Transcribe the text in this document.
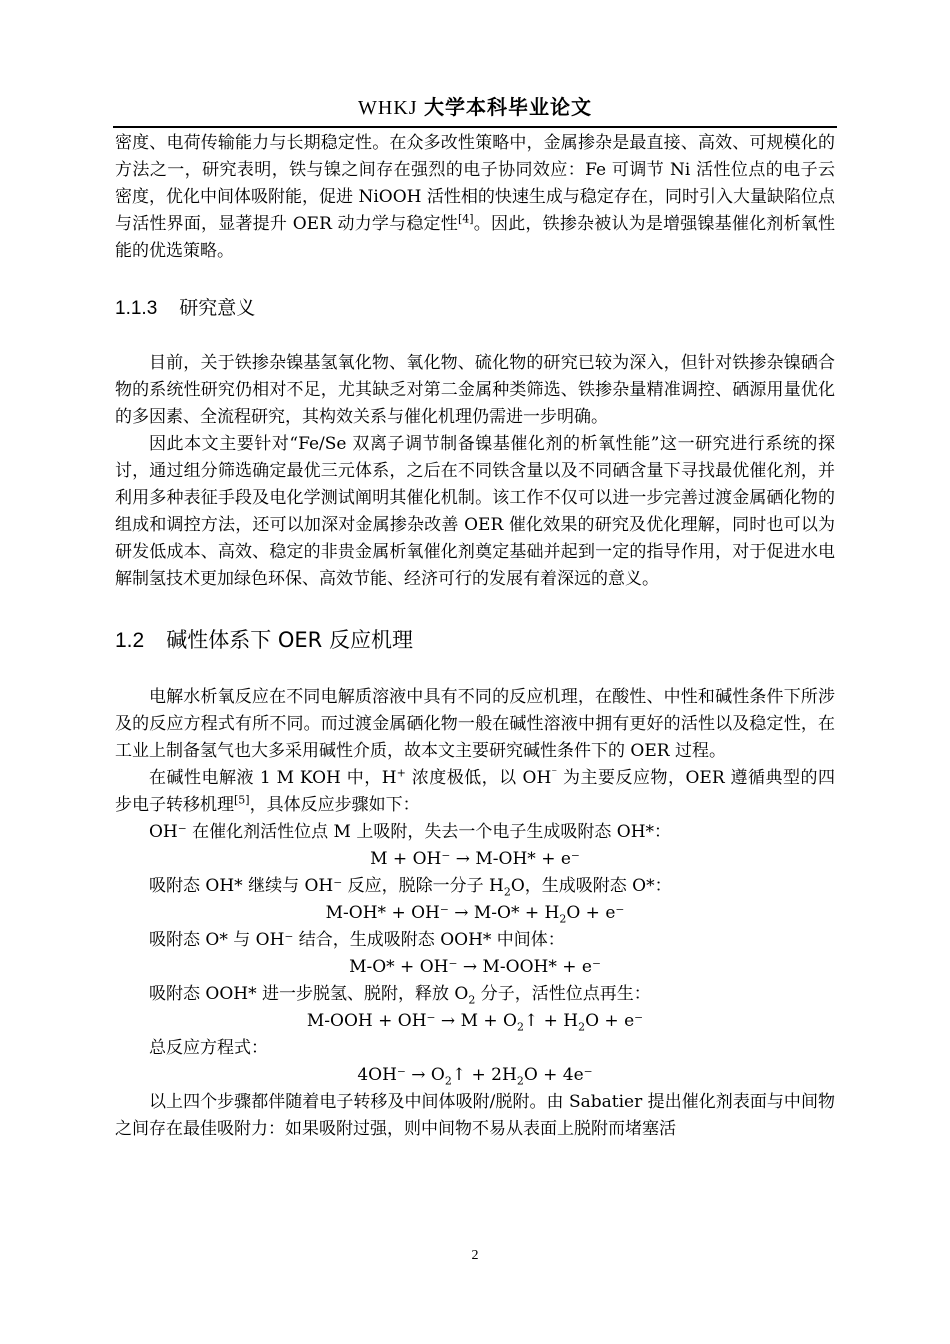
WHKJ 大学本科毕业论文

密度、电荷传输能力与长期稳定性。在众多改性策略中，金属掺杂是最直接、高效、可规模化的方法之一，研究表明，铁与镍之间存在强烈的电子协同效应：Fe 可调节 Ni 活性位点的电子云密度，优化中间体吸附能，促进 NiOOH 活性相的快速生成与稳定存在，同时引入大量缺陷位点与活性界面，显著提升 OER 动力学与稳定性[4]。因此，铁掺杂被认为是增强镍基催化剂析氧性能的优选策略。

1.1.3 研究意义

目前，关于铁掺杂镍基氢氧化物、氧化物、硫化物的研究已较为深入，但针对铁掺杂镍硒合物的系统性研究仍相对不足，尤其缺乏对第二金属种类筛选、铁掺杂量精准调控、硒源用量优化的多因素、全流程研究，其构效关系与催化机理仍需进一步明确。

因此本文主要针对“Fe/Se 双离子调节制备镍基催化剂的析氧性能”这一研究进行系统的探讨，通过组分筛选确定最优三元体系，之后在不同铁含量以及不同硒含量下寻找最优催化剂，并利用多种表征手段及电化学测试阐明其催化机制。该工作不仅可以进一步完善过渡金属硒化物的组成和调控方法，还可以加深对金属掺杂改善 OER 催化效果的研究及优化理解，同时也可以为研发低成本、高效、稳定的非贵金属析氧催化剂奠定基础并起到一定的指导作用，对于促进水电解制氢技术更加绿色环保、高效节能、经济可行的发展有着深远的意义。

1.2 碱性体系下 OER 反应机理

电解水析氧反应在不同电解质溶液中具有不同的反应机理，在酸性、中性和碱性条件下所涉及的反应方程式有所不同。而过渡金属硒化物一般在碱性溶液中拥有更好的活性以及稳定性，在工业上制备氢气也大多采用碱性介质，故本文主要研究碱性条件下的 OER 过程。

在碱性电解液 1 M KOH 中，H+ 浓度极低，以 OH⁻ 为主要反应物，OER 遵循典型的四步电子转移机理[5]，具体反应步骤如下：

OH⁻ 在催化剂活性位点 M 上吸附，失去一个电子生成吸附态 OH*：

M + OH⁻ → M-OH* + e⁻

吸附态 OH* 继续与 OH⁻ 反应，脱除一分子 $H_2O$，生成吸附态 O*：

$M-OH* + OH^- \to M-O* + H_2O + e^-$

吸附态 O* 与 OH⁻ 结合，生成吸附态 OOH* 中间体：

M-O* + OH⁻ → M-OOH* + e⁻

吸附态 OOH* 进一步脱氢、脱附，释放 $O_2$ 分子，活性位点再生：

$M-OOH + OH^- \to M + O_2↑ + H_2O + e^-$

总反应方程式：

$4OH^- \to O_2↑ + 2H_2O + 4e^-$

以上四个步骤都伴随着电子转移及中间体吸附/脱附。由 Sabatier 提出催化剂表面与中间物之间存在最佳吸附力：如果吸附过强，则中间物不易从表面上脱附而堵塞活

2
